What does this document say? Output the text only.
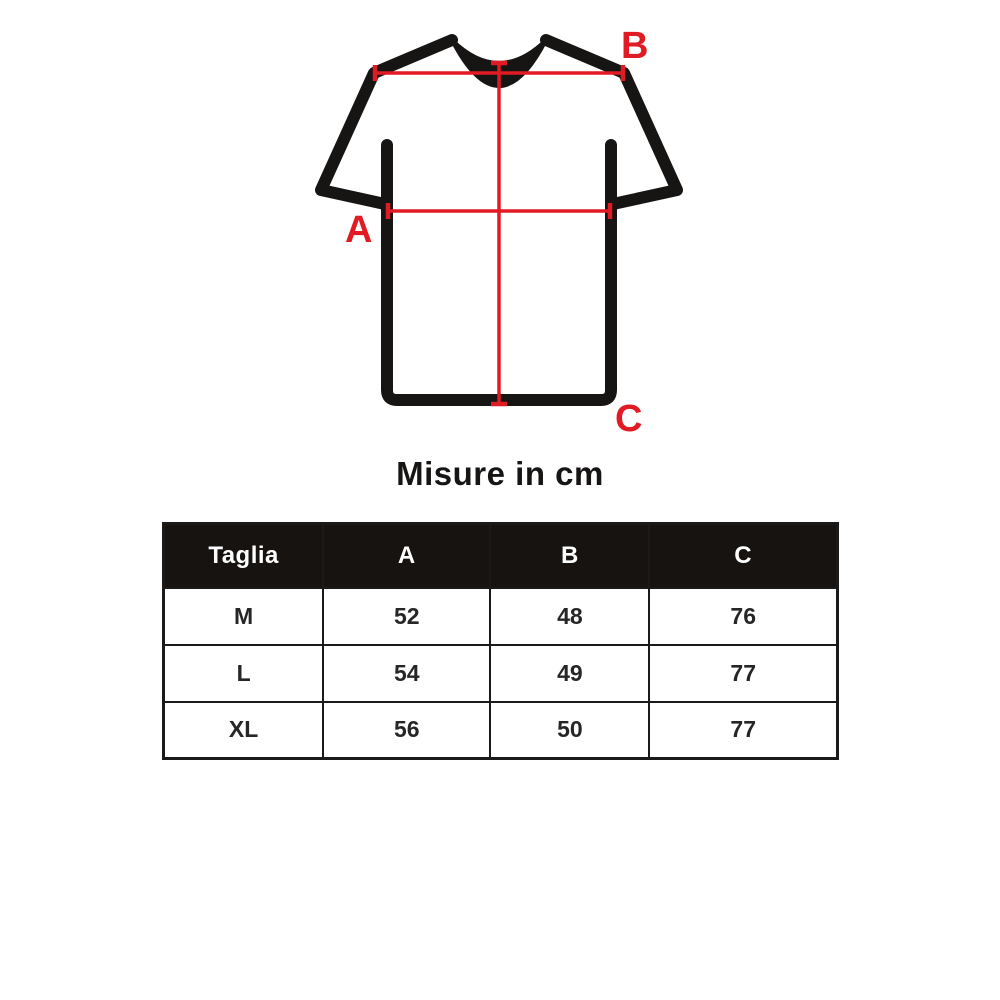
A
B
C
Misure in cm
Taglia	A	B	C
M	52	48	76
L	54	49	77
XL	56	50	77
